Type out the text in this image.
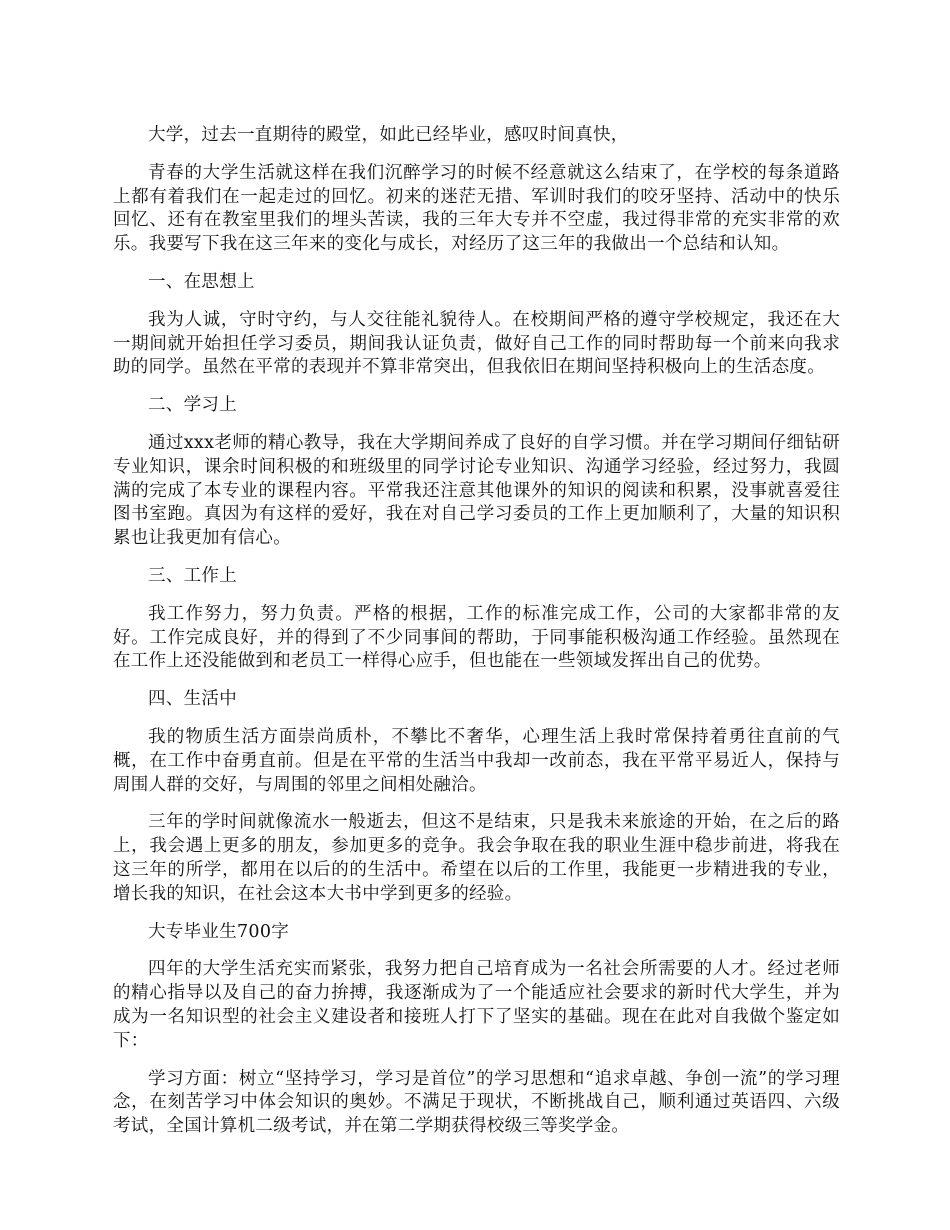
大学，过去一直期待的殿堂，如此已经毕业，感叹时间真快，

青春的大学生活就这样在我们沉醉学习的时候不经意就这么结束了，在学校的每条道路上都有着我们在一起走过的回忆。初来的迷茫无措、军训时我们的咬牙坚持、活动中的快乐回忆、还有在教室里我们的埋头苦读，我的三年大专并不空虚，我过得非常的充实非常的欢乐。我要写下我在这三年来的变化与成长，对经历了这三年的我做出一个总结和认知。

一、在思想上

我为人诚，守时守约，与人交往能礼貌待人。在校期间严格的遵守学校规定，我还在大一期间就开始担任学习委员，期间我认证负责，做好自己工作的同时帮助每一个前来向我求助的同学。虽然在平常的表现并不算非常突出，但我依旧在期间坚持积极向上的生活态度。

二、学习上

通过xxx老师的精心教导，我在大学期间养成了良好的自学习惯。并在学习期间仔细钻研专业知识，课余时间积极的和班级里的同学讨论专业知识、沟通学习经验，经过努力，我圆满的完成了本专业的课程内容。平常我还注意其他课外的知识的阅读和积累，没事就喜爱往图书室跑。真因为有这样的爱好，我在对自己学习委员的工作上更加顺利了，大量的知识积累也让我更加有信心。

三、工作上

我工作努力，努力负责。严格的根据，工作的标准完成工作，公司的大家都非常的友好。工作完成良好，并的得到了不少同事间的帮助，于同事能积极沟通工作经验。虽然现在在工作上还没能做到和老员工一样得心应手，但也能在一些领域发挥出自己的优势。

四、生活中

我的物质生活方面崇尚质朴，不攀比不奢华，心理生活上我时常保持着勇往直前的气概，在工作中奋勇直前。但是在平常的生活当中我却一改前态，我在平常平易近人，保持与周围人群的交好，与周围的邻里之间相处融洽。

三年的学时间就像流水一般逝去，但这不是结束，只是我未来旅途的开始，在之后的路上，我会遇上更多的朋友，参加更多的竞争。我会争取在我的职业生涯中稳步前进，将我在这三年的所学，都用在以后的的生活中。希望在以后的工作里，我能更一步精进我的专业，增长我的知识，在社会这本大书中学到更多的经验。

大专毕业生700字

四年的大学生活充实而紧张，我努力把自己培育成为一名社会所需要的人才。经过老师的精心指导以及自己的奋力拚搏，我逐渐成为了一个能适应社会要求的新时代大学生，并为成为一名知识型的社会主义建设者和接班人打下了坚实的基础。现在在此对自我做个鉴定如下：

学习方面：树立“坚持学习，学习是首位”的学习思想和“追求卓越、争创一流”的学习理念，在刻苦学习中体会知识的奥妙。不满足于现状，不断挑战自己，顺利通过英语四、六级考试，全国计算机二级考试，并在第二学期获得校级三等奖学金。
